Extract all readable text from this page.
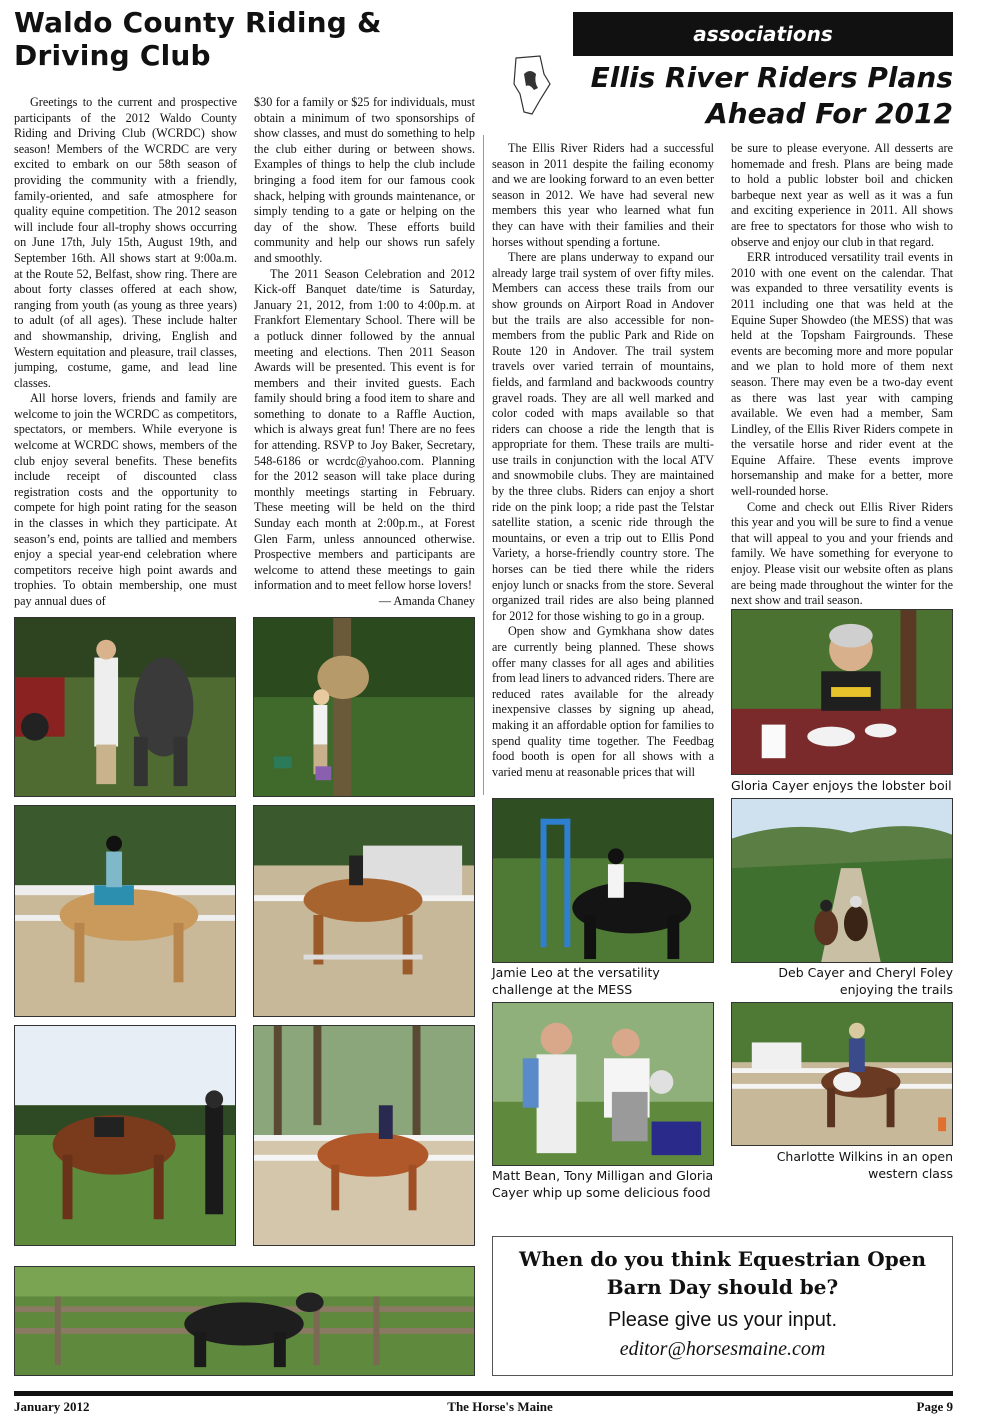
Waldo County Riding & Driving Club
associations
Ellis River Riders Plans Ahead For 2012

Greetings to the current and prospective participants of the 2012 Waldo County Riding and Driving Club (WCRDC) show season! Members of the WCRDC are very excited to embark on our 58th season of providing the community with a friendly, family-oriented, and safe atmosphere for quality equine competition. The 2012 season will include four all-trophy shows occurring on June 17th, July 15th, August 19th, and September 16th. All shows start at 9:00a.m. at the Route 52, Belfast, show ring. There are about forty classes offered at each show, ranging from youth (as young as three years) to adult (of all ages). These include halter and showmanship, driving, English and Western equitation and pleasure, trail classes, jumping, costume, game, and lead line classes.

All horse lovers, friends and family are welcome to join the WCRDC as competitors, spectators, or members. While everyone is welcome at WCRDC shows, members of the club enjoy several benefits. These benefits include receipt of discounted class registration costs and the opportunity to compete for high point rating for the season in the classes in which they participate. At season’s end, points are tallied and members enjoy a special year-end celebration where competitors receive high point awards and trophies. To obtain membership, one must pay annual dues of

$30 for a family or $25 for individuals, must obtain a minimum of two sponsorships of show classes, and must do something to help the club either during or between shows. Examples of things to help the club include bringing a food item for our famous cook shack, helping with grounds maintenance, or simply tending to a gate or helping on the day of the show. These efforts build community and help our shows run safely and smoothly.

The 2011 Season Celebration and 2012 Kick-off Banquet date/time is Saturday, January 21, 2012, from 1:00 to 4:00p.m. at Frankfort Elementary School. There will be a potluck dinner followed by the annual meeting and elections. Then 2011 Season Awards will be presented. This event is for members and their invited guests. Each family should bring a food item to share and something to donate to a Raffle Auction, which is always great fun! There are no fees for attending. RSVP to Joy Baker, Secretary, 548-6186 or wcrdc@yahoo.com. Planning for the 2012 season will take place during monthly meetings starting in February. These meeting will be held on the third Sunday each month at 2:00p.m., at Forest Glen Farm, unless announced otherwise. Prospective members and participants are welcome to attend these meetings to gain information and to meet fellow horse lovers!

— Amanda Chaney

The Ellis River Riders had a successful season in 2011 despite the failing economy and we are looking forward to an even better season in 2012. We have had several new members this year who learned what fun they can have with their families and their horses without spending a fortune.

There are plans underway to expand our already large trail system of over fifty miles. Members can access these trails from our show grounds on Airport Road in Andover but the trails are also accessible for non-members from the public Park and Ride on Route 120 in Andover. The trail system travels over varied terrain of mountains, fields, and farmland and backwoods country gravel roads. They are all well marked and color coded with maps available so that riders can choose a ride the length that is appropriate for them. These trails are multi-use trails in conjunction with the local ATV and snowmobile clubs. They are maintained by the three clubs. Riders can enjoy a short ride on the pink loop; a ride past the Telstar satellite station, a scenic ride through the mountains, or even a trip out to Ellis Pond Variety, a horse-friendly country store. The horses can be tied there while the riders enjoy lunch or snacks from the store. Several organized trail rides are also being planned for 2012 for those wishing to go in a group.

Open show and Gymkhana show dates are currently being planned. These shows offer many classes for all ages and abilities from lead liners to advanced riders. There are reduced rates available for the already inexpensive classes by signing up ahead, making it an affordable option for families to spend quality time together. The Feedbag food booth is open for all shows with a varied menu at reasonable prices that will

be sure to please everyone. All desserts are homemade and fresh. Plans are being made to hold a public lobster boil and chicken barbeque next year as well as it was a fun and exciting experience in 2011. All shows are free to spectators for those who wish to observe and enjoy our club in that regard.

ERR introduced versatility trail events in 2010 with one event on the calendar. That was expanded to three versatility events is 2011 including one that was held at the Equine Super Showdeo (the MESS) that was held at the Topsham Fairgrounds. These events are becoming more and more popular and we plan to hold more of them next season. There may even be a two-day event as there was last year with camping available. We even had a member, Sam Lindley, of the Ellis River Riders compete in the versatile horse and rider event at the Equine Affaire. These events improve horsemanship and make for a better, more well-rounded horse.

Come and check out Ellis River Riders this year and you will be sure to find a venue that will appeal to you and your friends and family. We have something for everyone to enjoy. Please visit our website often as plans are being made throughout the winter for the next show and trail season.

Gloria Cayer enjoys the lobster boil
Jamie Leo at the versatility challenge at the MESS
Deb Cayer and Cheryl Foley enjoying the trails
Matt Bean, Tony Milligan and Gloria Cayer whip up some delicious food
Charlotte Wilkins in an open western class
When do you think Equestrian Open Barn Day should be?
Please give us your input.
editor@horsesmaine.com
January 2012	The Horse's Maine	Page 9
